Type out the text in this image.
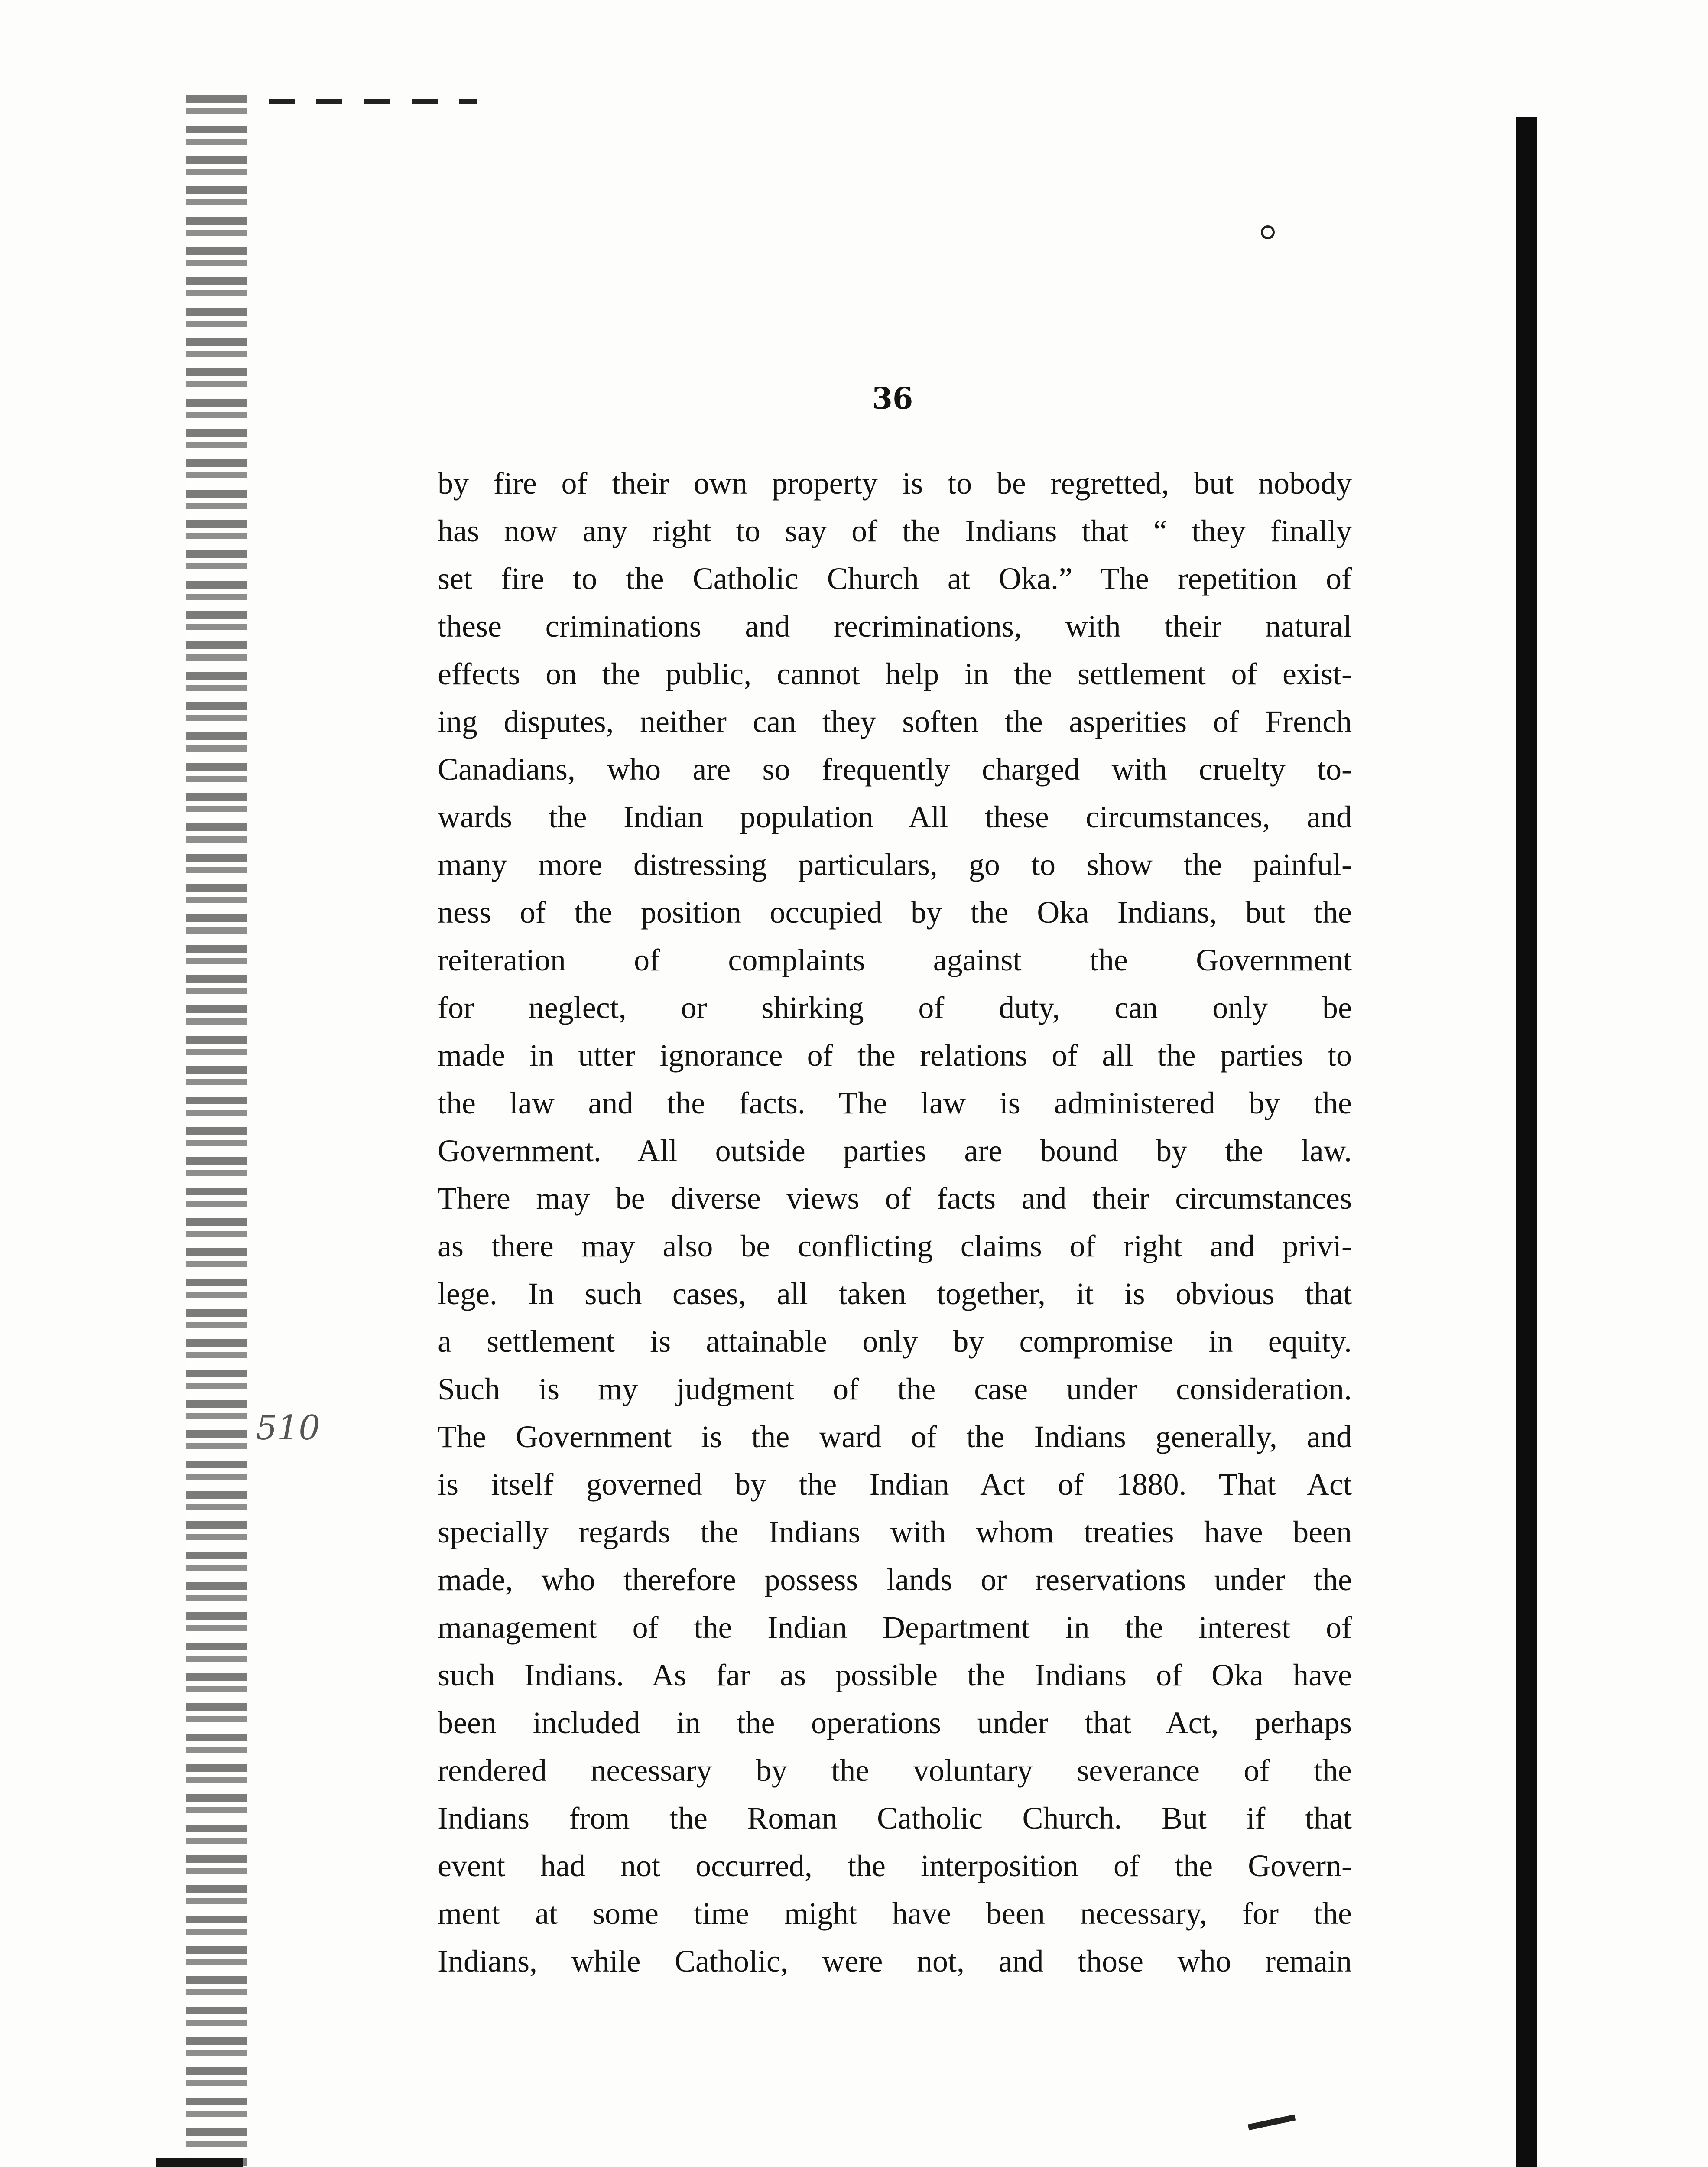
36
510
by fire of their own property is to be regretted, but nobody
has now any right to say of the Indians that “ they finally
set fire to the Catholic Church at Oka.” The repetition of
these criminations and recriminations, with their natural
effects on the public, cannot help in the settlement of exist-
ing disputes, neither can they soften the asperities of French
Canadians, who are so frequently charged with cruelty to-
wards the Indian population All these circumstances, and
many more distressing particulars, go to show the painful-
ness of the position occupied by the Oka Indians, but the
reiteration of complaints against the Government
for neglect, or shirking of duty, can only be
made in utter ignorance of the relations of all the parties to
the law and the facts. The law is administered by the
Government. All outside parties are bound by the law.
There may be diverse views of facts and their circumstances
as there may also be conflicting claims of right and privi-
lege. In such cases, all taken together, it is obvious that
a settlement is attainable only by compromise in equity.
Such is my judgment of the case under consideration.
The Government is the ward of the Indians generally, and
is itself governed by the Indian Act of 1880. That Act
specially regards the Indians with whom treaties have been
made, who therefore possess lands or reservations under the
management of the Indian Department in the interest of
such Indians. As far as possible the Indians of Oka have
been included in the operations under that Act, perhaps
rendered necessary by the voluntary severance of the
Indians from the Roman Catholic Church. But if that
event had not occurred, the interposition of the Govern-
ment at some time might have been necessary, for the
Indians, while Catholic, were not, and those who remain
